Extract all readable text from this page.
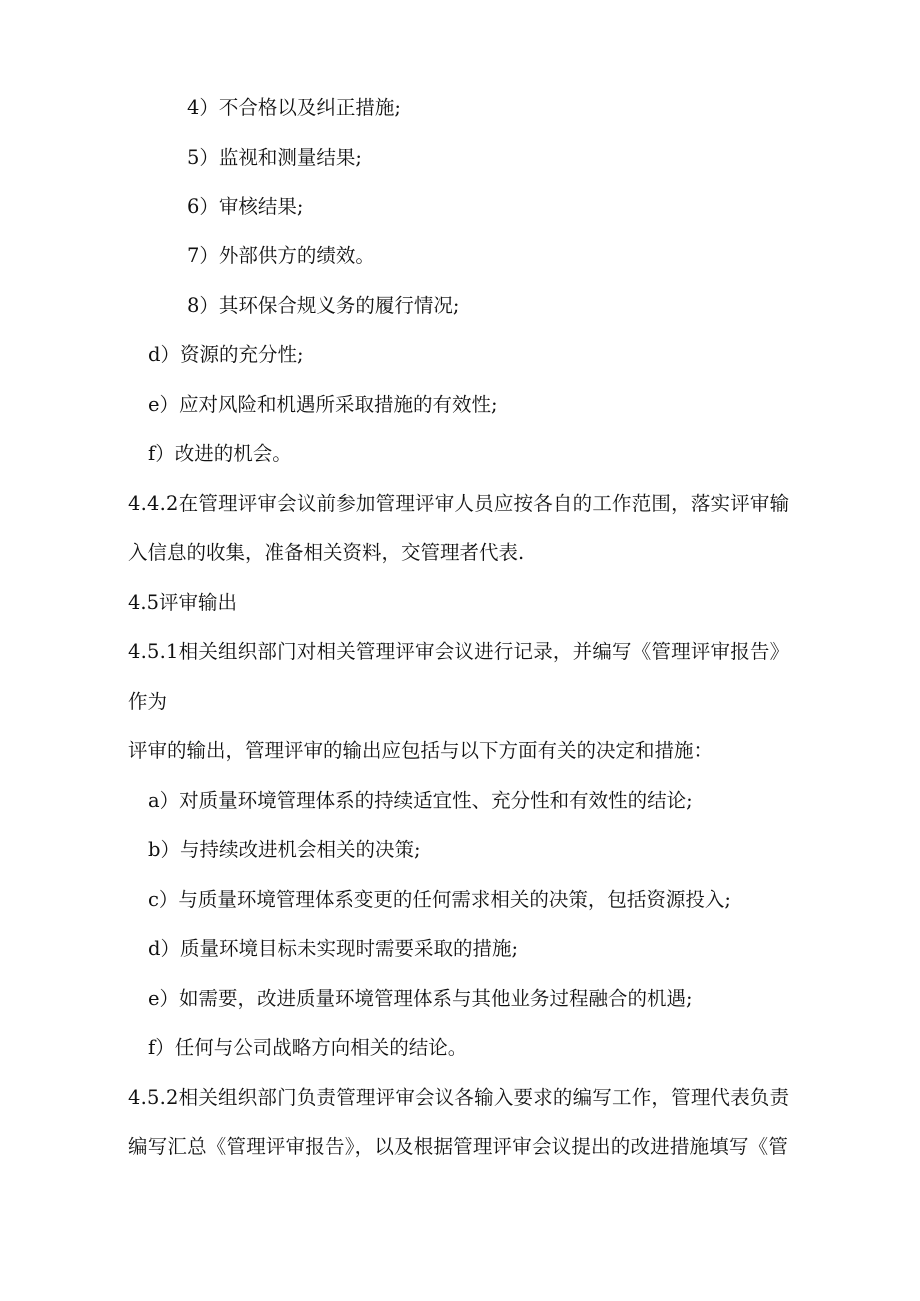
4）不合格以及纠正措施;
5）监视和测量结果;
6）审核结果;
7）外部供方的绩效。
8）其环保合规义务的履行情况;
d）资源的充分性;
e）应对风险和机遇所采取措施的有效性;
f）改进的机会。
4.4.2在管理评审会议前参加管理评审人员应按各自的工作范围，落实评审输
入信息的收集，准备相关资料，交管理者代表.
4.5评审输出
4.5.1相关组织部门对相关管理评审会议进行记录，并编写《管理评审报告》
作为
评审的输出，管理评审的输出应包括与以下方面有关的决定和措施：
a）对质量环境管理体系的持续适宜性、充分性和有效性的结论;
b）与持续改进机会相关的决策;
c）与质量环境管理体系变更的任何需求相关的决策，包括资源投入;
d）质量环境目标未实现时需要采取的措施;
e）如需要，改进质量环境管理体系与其他业务过程融合的机遇;
f）任何与公司战略方向相关的结论。
4.5.2相关组织部门负责管理评审会议各输入要求的编写工作，管理代表负责
编写汇总《管理评审报告》，以及根据管理评审会议提出的改进措施填写《管
